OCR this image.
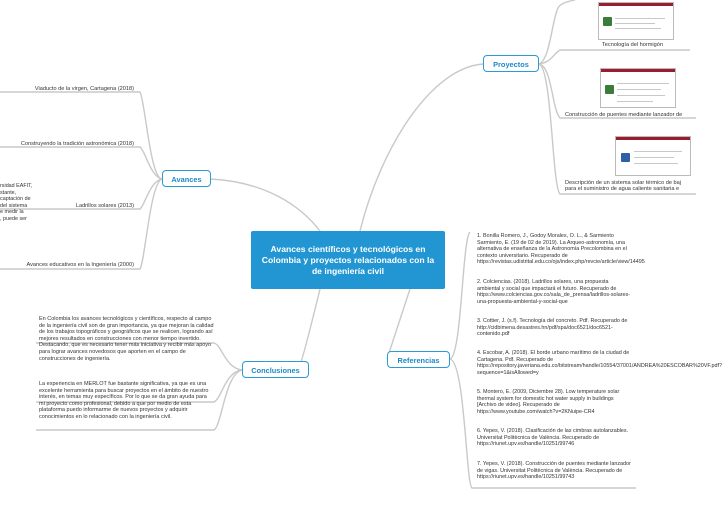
Avances científicos y tecnológicos en Colombia y proyectos relacionados con la de ingeniería civil
Avances
Proyectos
Conclusiones
Referencias
Viaducto de la virgen, Cartagena (2018)
Construyendo la tradición astronómica (2018)
Ladrillos solares (2013)
Avances educativos en la Ingeniería (2000)
rsidad EAFIT,
stante,
captación de
del sistema
e medir la
, puede ser
Tecnología del hormigón
Construcción de puentes mediante lanzador de
Descripción de un sistema solar térmico de baj
para el suministro de agua caliente sanitaria e
En Colombia los avances tecnológicos y científicos, respecto al campo de la ingeniería civil son de gran importancia, ya que mejoran la calidad de los trabajos topográficos y geográficos que se realicen, logrando así mejores resultados en construcciones con menor tiempo invertido. Destacando, que es necesario tener más iniciativa y recibir más apoyo para lograr avances novedosos que aporten en el campo de construcciones de ingeniería.
La experiencia en MERLOT fue bastante significativa, ya que es una excelente herramienta para buscar proyectos en el ámbito de nuestro interés, en temas muy específicos. Por lo que se da gran ayuda para mi proyecto como profesional, debido a que por medio de esta plataforma puedo informarme de nuevos proyectos y adquirir conocimientos en lo relacionado con la ingeniería civil.
1. Bonilla Romero, J., Godoy Morales, O. L., & Sarmiento Sarmiento, E. (19 de 02 de 2019). La Arqueo-astronomía, una alternativa de enseñanza de la Astronomía Precolombina en el contexto universitario. Recuperado de https://revistas.udistrital.edu.co/ojs/index.php/revcie/article/view/14495
2. Colciencias. (2018). Ladrillos solares, una propuesta ambiental y social que impactará el futuro. Recuperado de https://www.colciencias.gov.co/sala_de_prensa/ladrillos-solares-una-propuesta-ambiental-y-social-que
3. Cottier, J. (s.f). Tecnología del concreto. Pdf. Recuperado de http://cidbimena.desastres.hn/pdf/spa/doc6521/doc6521-contenido.pdf
4. Escobar, A. (2018). El borde urbano marítimo de la ciudad de Cartagena. Pdf. Recuperado de https://repository.javeriana.edu.co/bitstream/handle/10554/37001/ANDREA%20ESCOBAR%20VF.pdf?sequence=1&isAllowed=y
5. Montero, E. (2009, Diciembre 28). Low temperature solar thermal system for domestic hot water supply in buildings [Archivo de video]. Recuperado de https://www.youtube.com/watch?v=2KNuipe-CR4
6. Yepes, V. (2018). Clasificación de las cimbras autolanzables. Universitat Politècnica de València. Recuperado de https://riunet.upv.es/handle/10251/99746
7. Yepes, V. (2018). Construcción de puentes mediante lanzador de vigas. Universitat Politècnica de València. Recuperado de https://riunet.upv.es/handle/10251/99743
